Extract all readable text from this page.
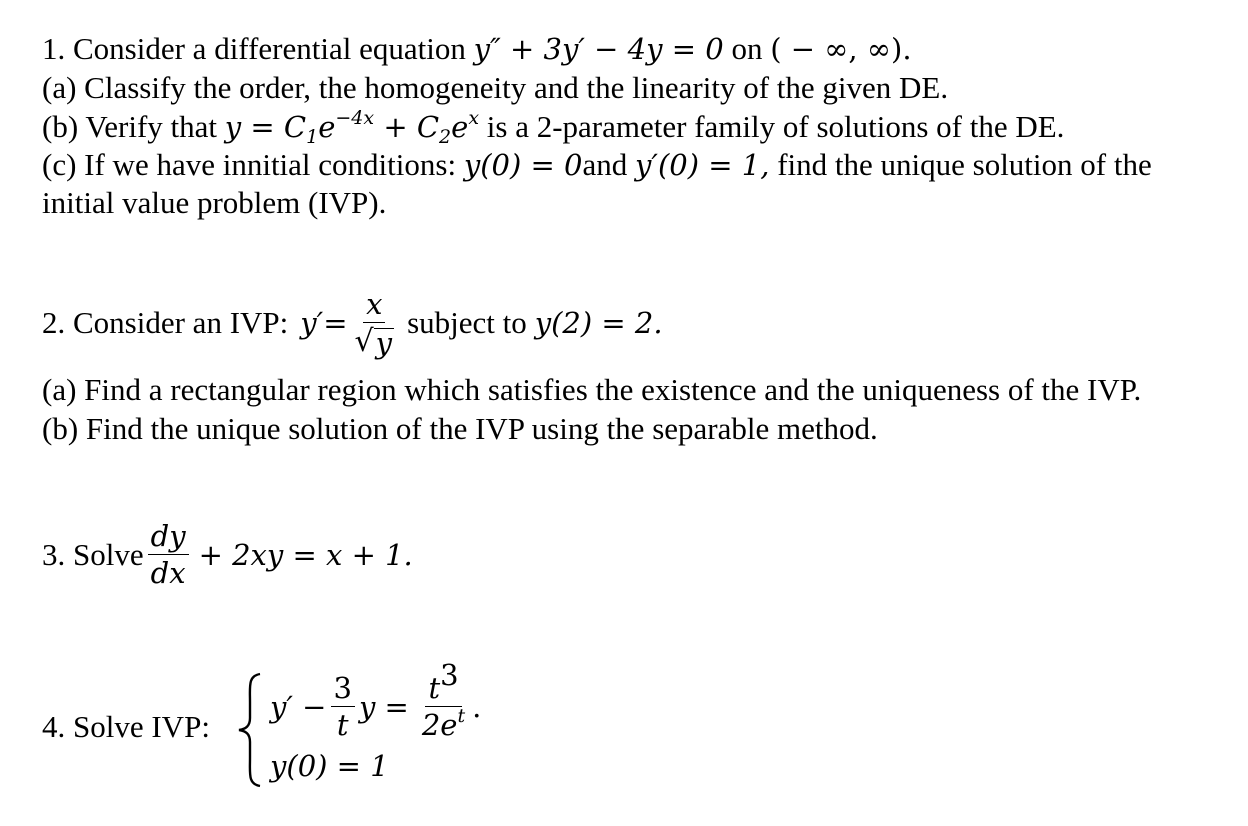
1. Consider a differential equation y″ + 3y′ − 4y = 0 on ( − ∞, ∞).
(a) Classify the order, the homogeneity and the linearity of the given DE.
(b) Verify that $y = C_1e^{-4x} + C_2e^x$ is a 2-parameter family of solutions of the DE.
(c) If we have innitial conditions: y(0) = 0and y′(0) = 1, find the unique solution of the
initial value problem (IVP).
2. Consider an IVP: $y'= \frac{x}{√ y}$ subject to y(2) = 2.
(a) Find a rectangular region which satisfies the existence and the uniqueness of the IVP.
(b) Find the unique solution of the IVP using the separable method.
3. Solve $\frac{dy}{dx} + 2xy = x + 1$.
4. Solve IVP:
$y' - \frac{3}{t}$ $y = \frac{t^3}{2e^t}$ .
y(0) = 1
